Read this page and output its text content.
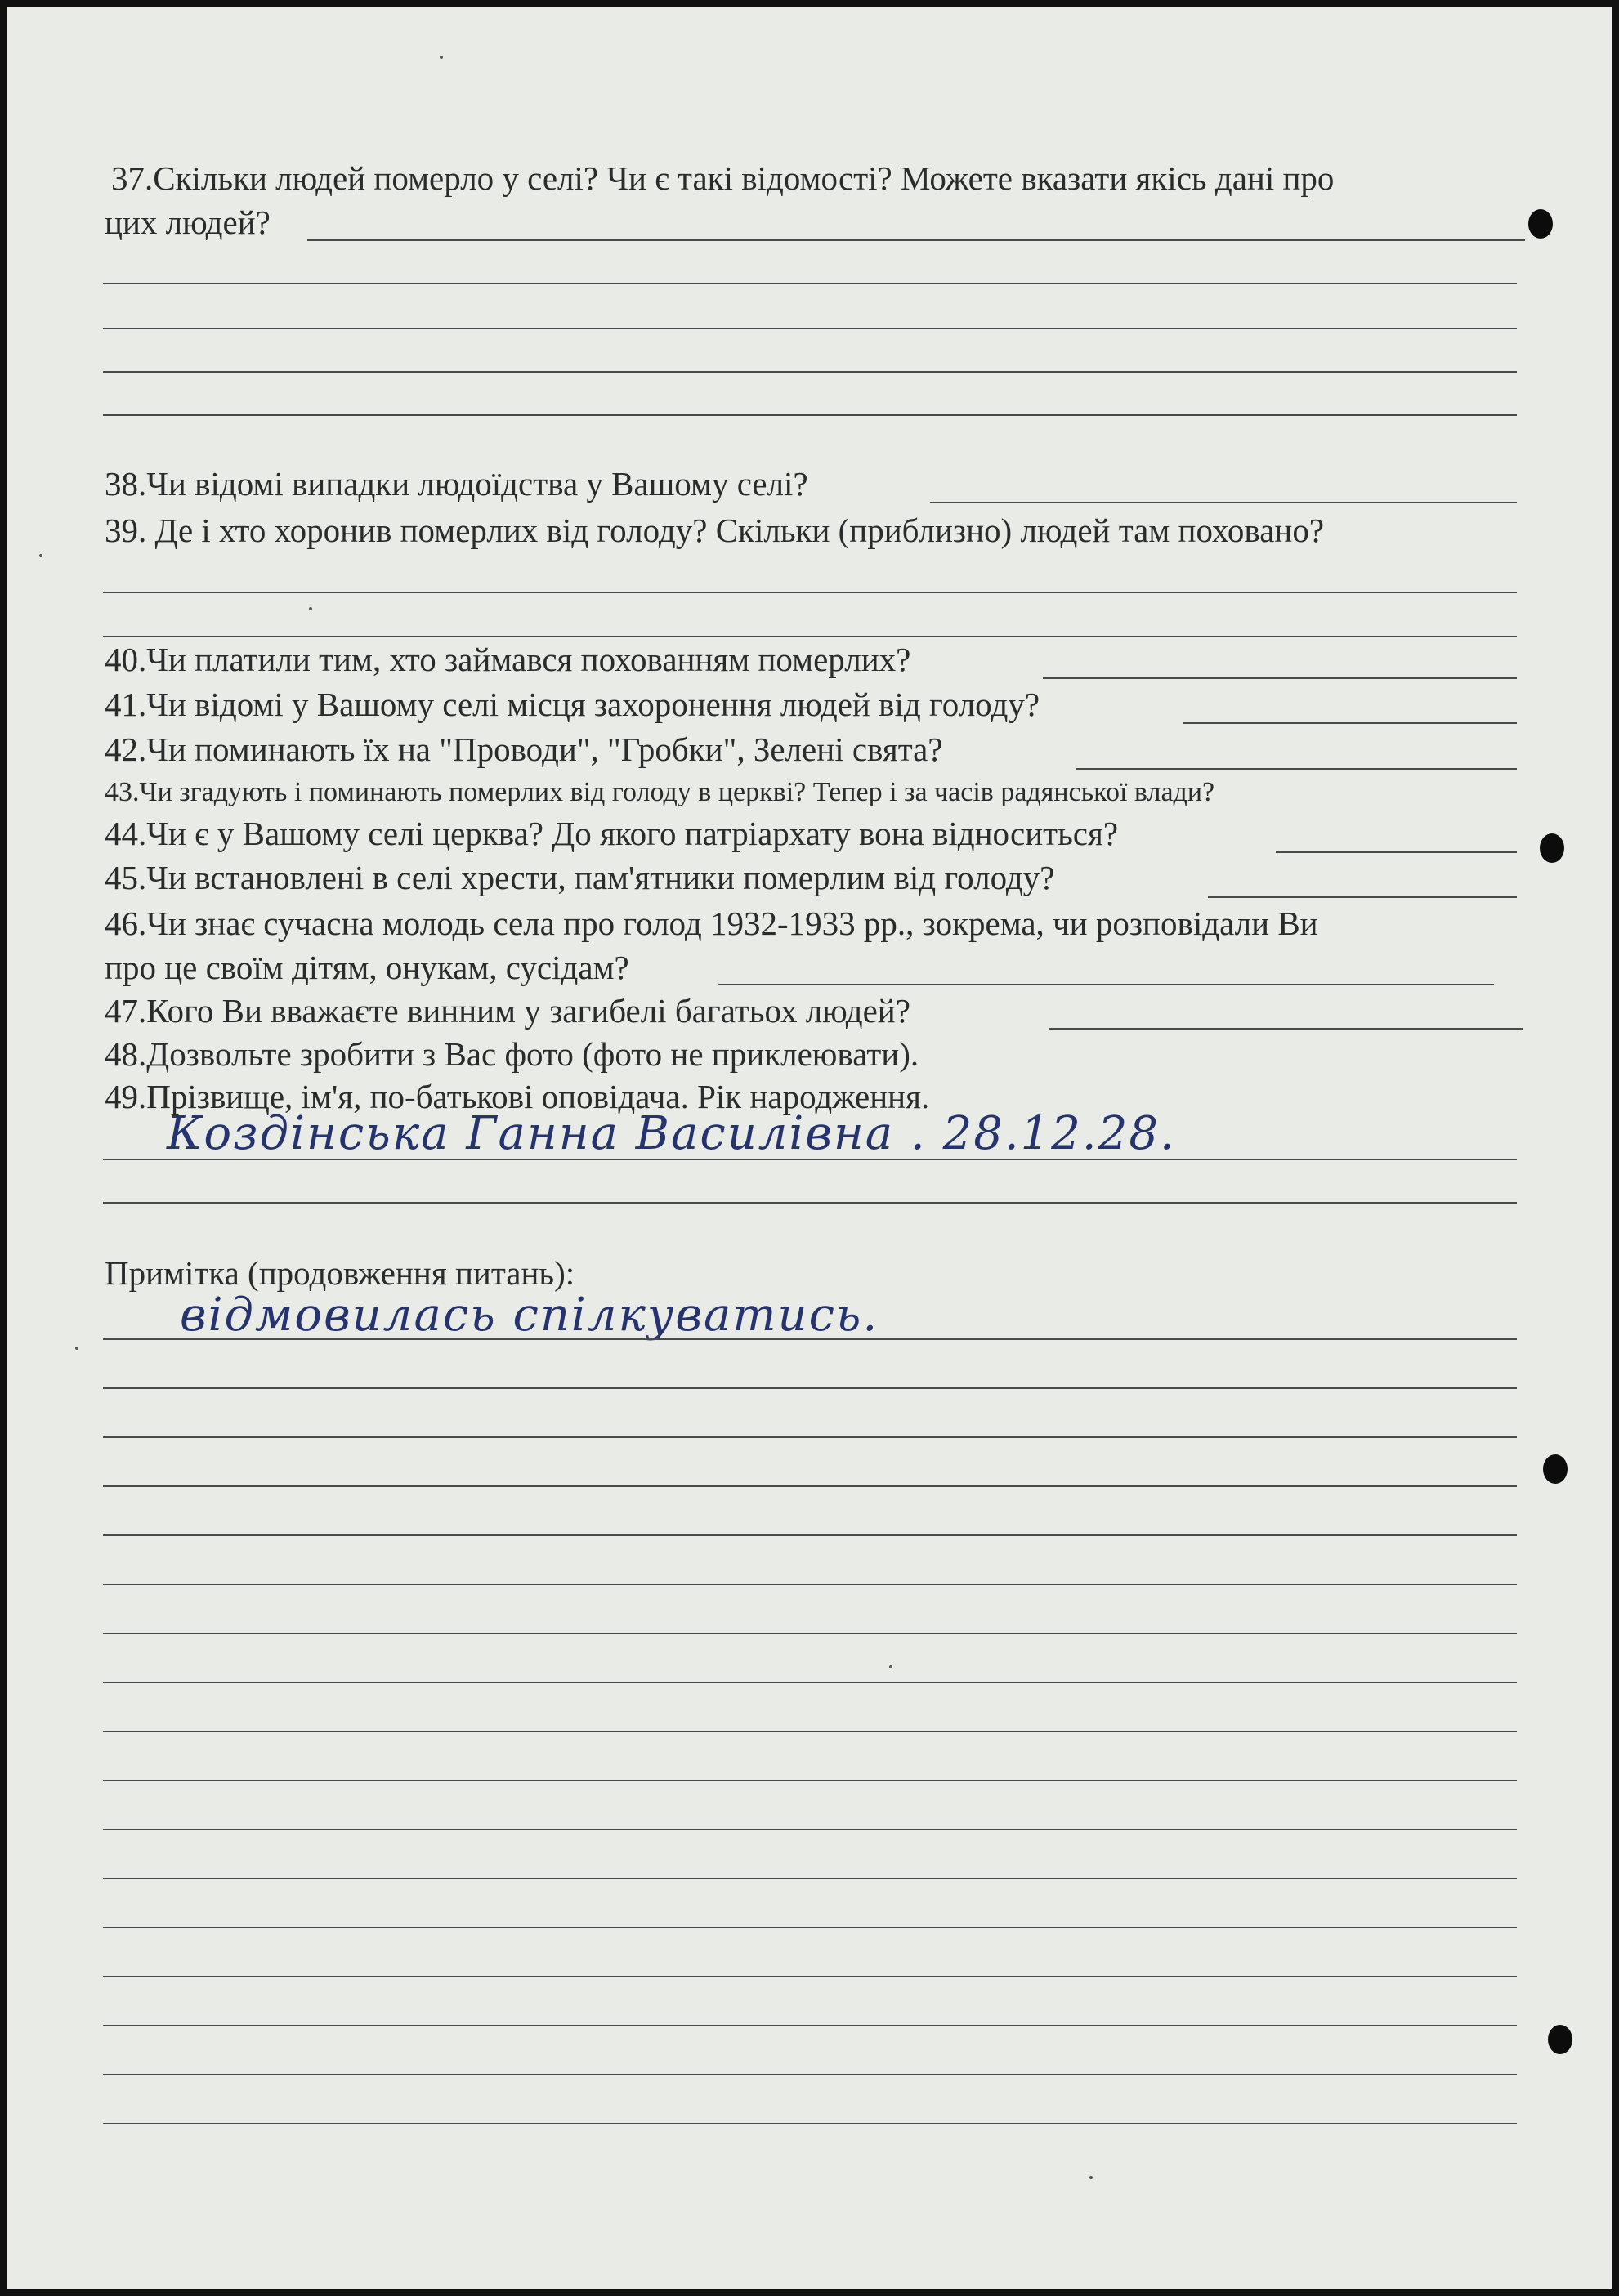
37.Скільки людей померло у селі? Чи є такі відомості? Можете вказати якісь дані про
цих людей?
38.Чи відомі випадки людоїдства у Вашому селі?
39. Де і хто хоронив померлих від голоду? Скільки (приблизно) людей там поховано?
40.Чи платили тим, хто займався похованням померлих?
41.Чи відомі у Вашому селі місця захоронення людей від голоду?
42.Чи поминають їх на "Проводи", "Гробки", Зелені свята?
43.Чи згадують і поминають померлих від голоду в церкві? Тепер і за часів радянської влади?
44.Чи є у Вашому селі церква? До якого патріархату вона відноситься?
45.Чи встановлені в селі хрести, пам'ятники померлим від голоду?
46.Чи знає сучасна молодь села про голод 1932-1933 рр., зокрема, чи розповідали Ви
про це своїм дітям, онукам, сусідам?
47.Кого Ви вважаєте винним у загибелі багатьох людей?
48.Дозвольте зробити з Вас фото (фото не приклеювати).
49.Прізвище, ім'я, по-батькові оповідача. Рік народження.
Коздінська Ганна Василівна . 28.12.28.
Примітка (продовження питань):
відмовилась спілкуватись.
